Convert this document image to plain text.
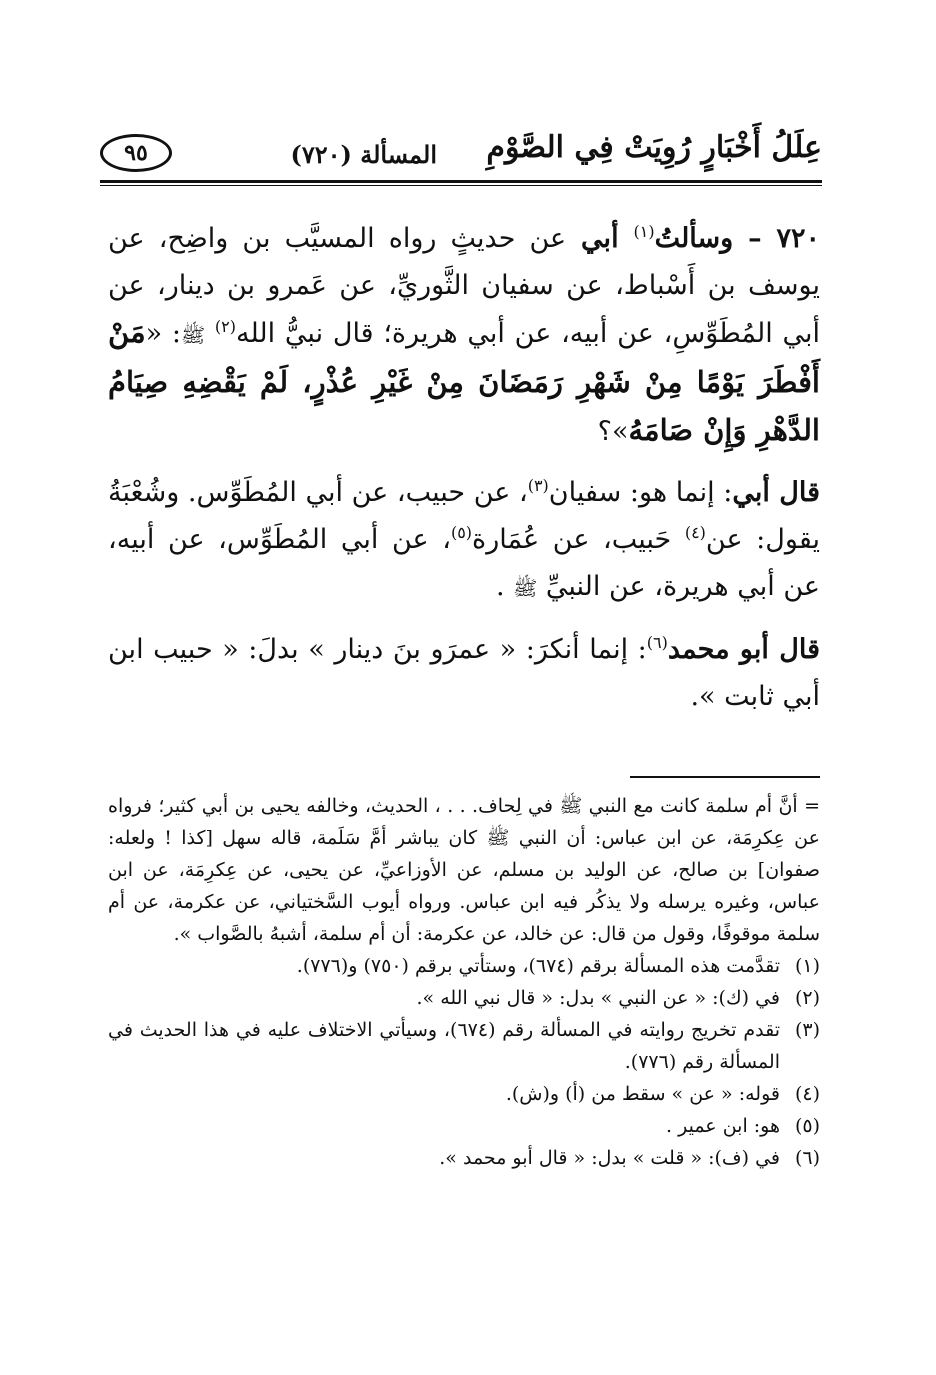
عِلَلُ أَخْبَارٍ رُوِيَتْ فِي الصَّوْمِ
المسألة (٧٢٠)
٩٥

٧٢٠ – وسألتُ$^{(١)}$ أبي عن حديثٍ رواه المسيَّب بن واضِح، عن يوسف بن أَسْباط، عن سفيان الثَّوريِّ، عن عَمرو بن دينار، عن أبي المُطَوِّسِ، عن أبيه، عن أبي هريرة؛ قال نبيُّ الله$^{(٢)}$ ﷺ: «مَنْ أَفْطَرَ يَوْمًا مِنْ شَهْرِ رَمَضَانَ مِنْ غَيْرِ عُذْرٍ، لَمْ يَقْضِهِ صِيَامُ الدَّهْرِ وَإِنْ صَامَهُ»؟

قال أبي: إنما هو: سفيان$^{(٣)}$، عن حبيب، عن أبي المُطَوِّس. وشُعْبَةُ يقول: عن$^{(٤)}$ حَبيب، عن عُمَارة$^{(٥)}$، عن أبي المُطَوِّس، عن أبيه، عن أبي هريرة، عن النبيِّ ﷺ .

قال أبو محمد$^{(٦)}$: إنما أنكرَ: « عمرَو بنَ دينار » بدلَ: « حبيب ابن أبي ثابت ».

= أنَّ أم سلمة كانت مع النبي ﷺ في لِحاف. . . ، الحديث، وخالفه يحيى بن أبي كثير؛ فرواه عن عِكرِمَة، عن ابن عباس: أن النبي ﷺ كان يباشر أمَّ سَلَمة، قاله سهل [كذا ! ولعله: صفوان] بن صالح، عن الوليد بن مسلم، عن الأوزاعيِّ، عن يحيى، عن عِكرِمَة، عن ابن عباس، وغيره يرسله ولا يذكُر فيه ابن عباس. ورواه أيوب السَّختياني، عن عكرمة، عن أم سلمة موقوفًا، وقول من قال: عن خالد، عن عكرمة: أن أم سلمة، أشبهُ بالصَّواب ».

(١)
تقدَّمت هذه المسألة برقم (٦٧٤)، وستأتي برقم (٧٥٠) و(٧٧٦).
(٢)
في (ك): « عن النبي » بدل: « قال نبي الله ».
(٣)
تقدم تخريج روايته في المسألة رقم (٦٧٤)، وسيأتي الاختلاف عليه في هذا الحديث في المسألة رقم (٧٧٦).
(٤)
قوله: « عن » سقط من (أ) و(ش).
(٥)
هو: ابن عمير .
(٦)
في (ف): « قلت » بدل: « قال أبو محمد ».
